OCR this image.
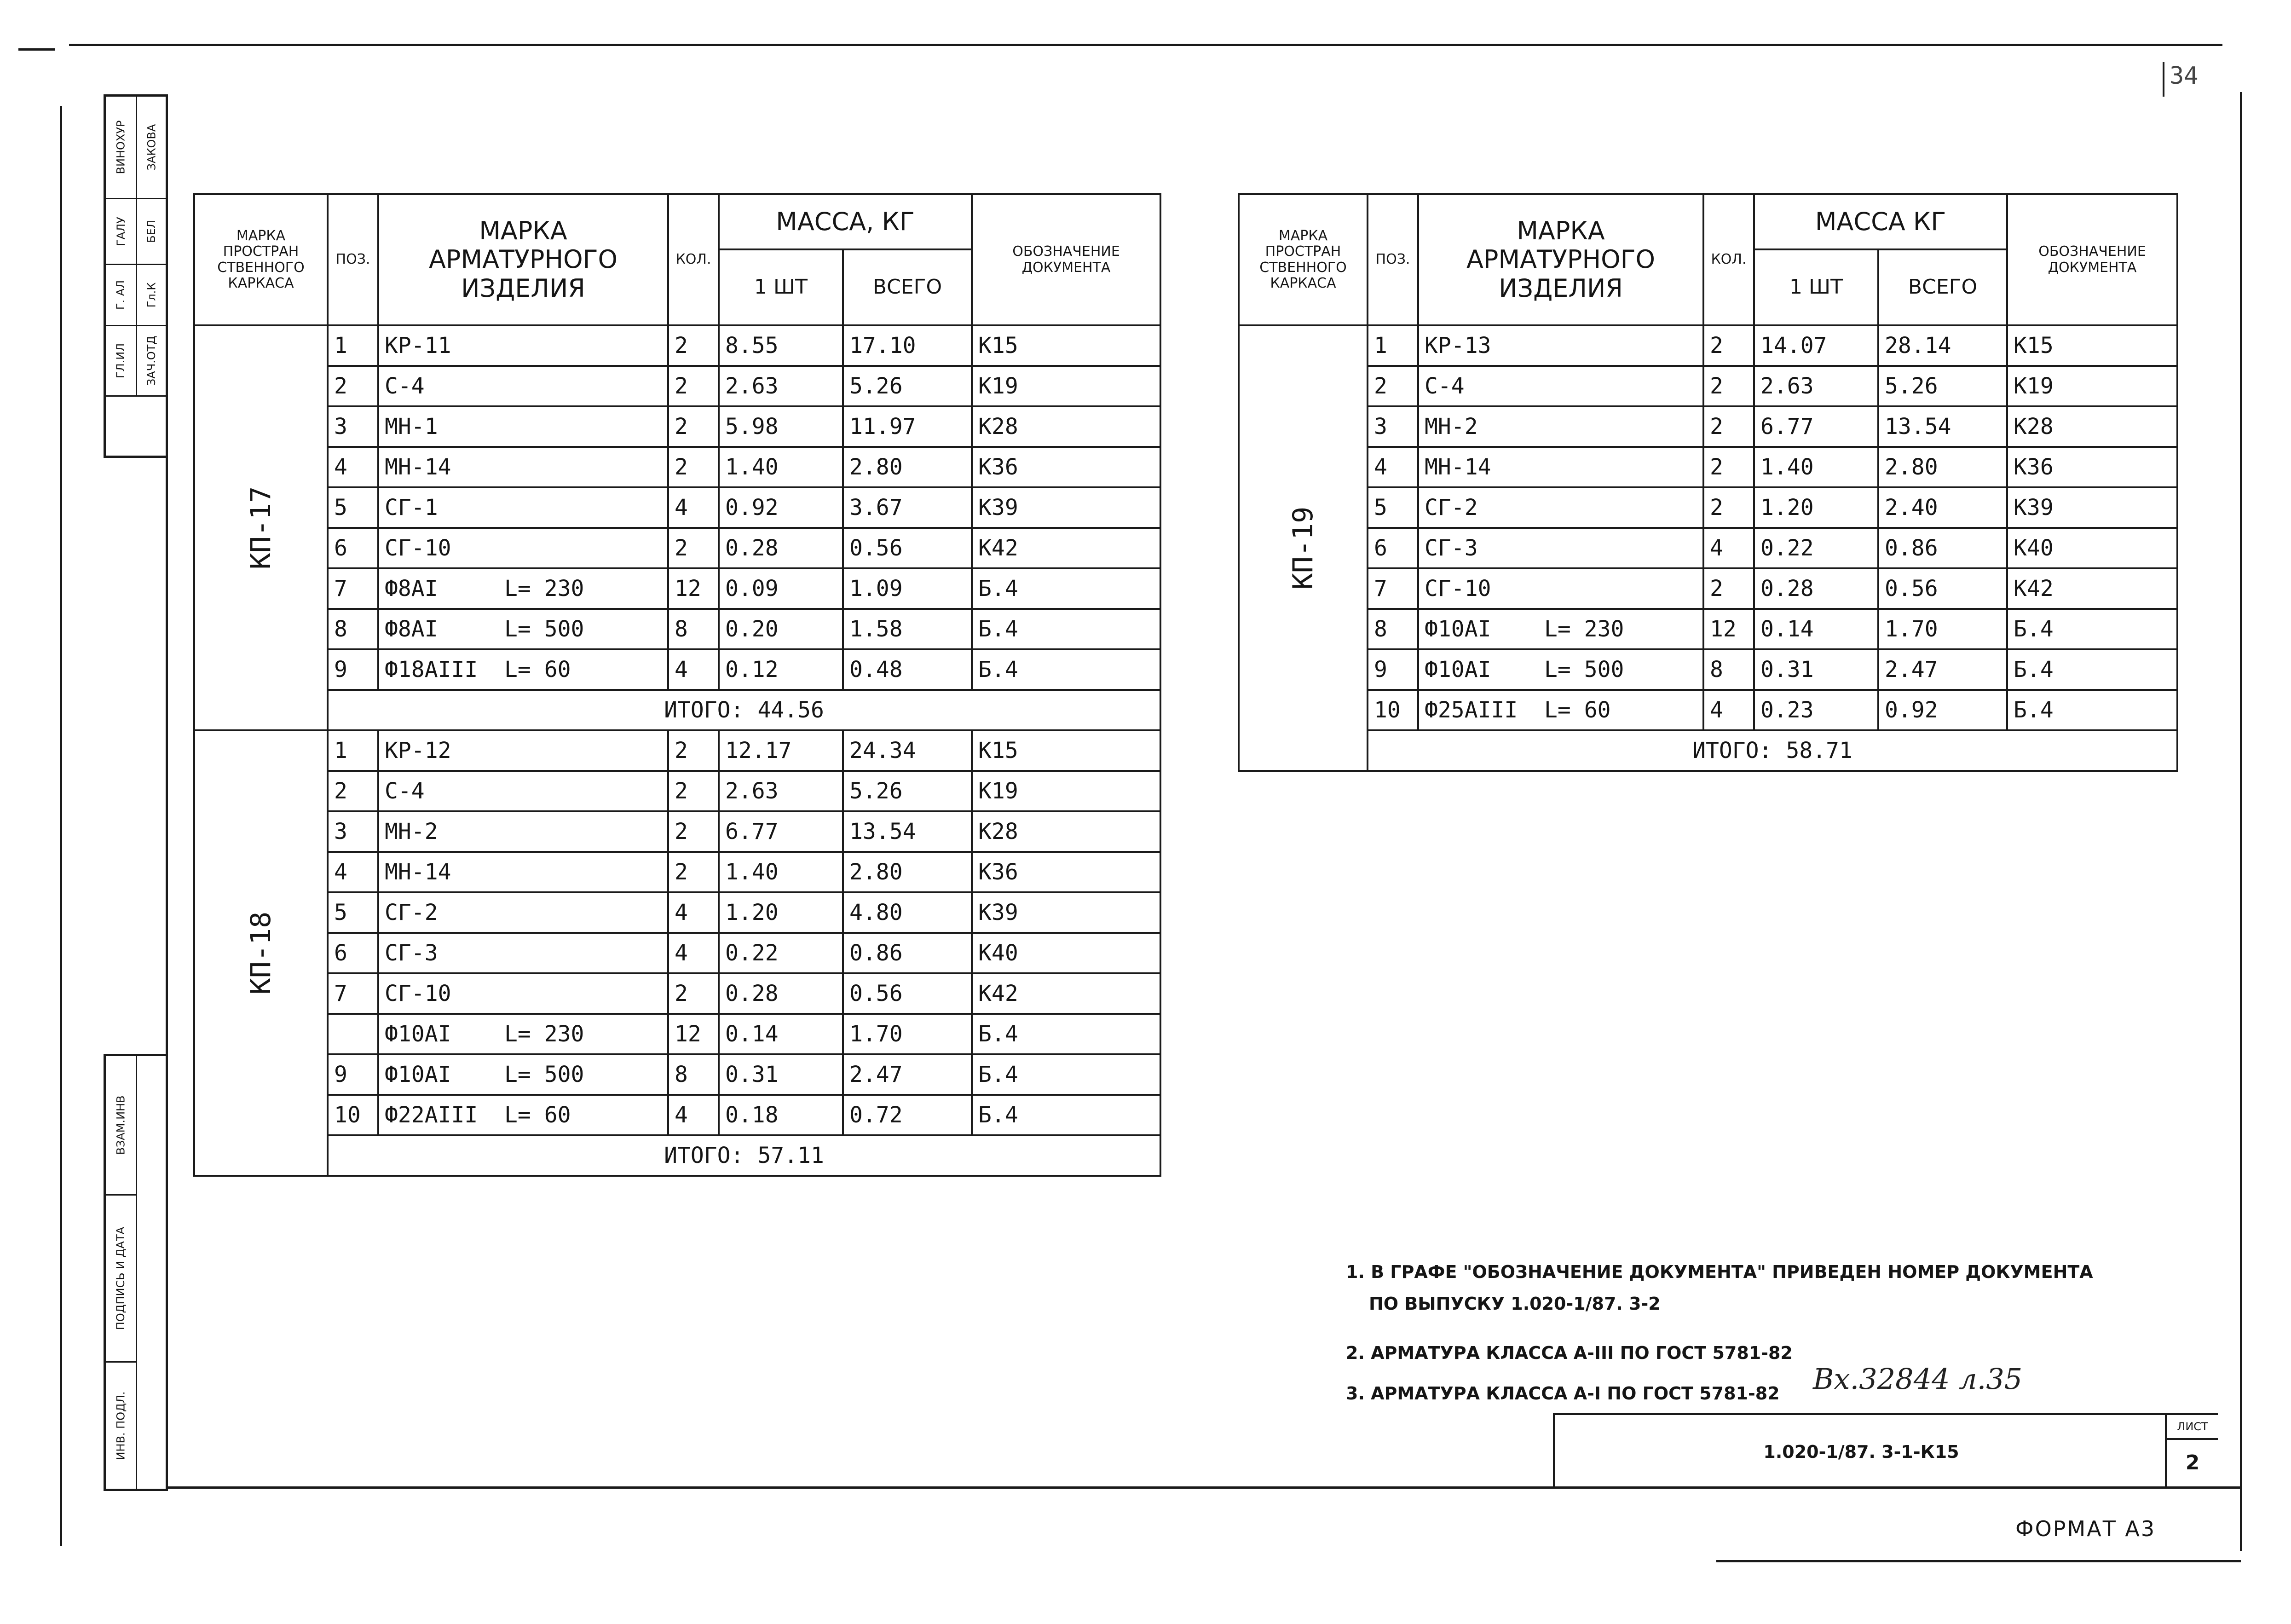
34
ВИНОХУР ЗАКОВА
ГАЛУ БЕЛ
Г. АЛ Гл.К
ГЛ.ИЛ ЗАЧ.ОТД
ВЗАМ.ИНВ
ПОДПИСЬ И ДАТА
ИНВ. ПОДЛ.
МАРКА ПРОСТРАН СТВЕННОГО КАРКАСА	ПОЗ.	МАРКА АРМАТУРНОГО ИЗДЕЛИЯ	КОЛ.	МАССА, КГ		ОБОЗНАЧЕНИЕ ДОКУМЕНТА
				1 ШТ	ВСЕГО	

КП-17	1	КР-11	2	8.55	17.10	К15
	2	С-4	2	2.63	5.26	К19
	3	МН-1	2	5.98	11.97	К28
	4	МН-14	2	1.40	2.80	К36
	5	СГ-1	4	0.92	3.67	К39
	6	СГ-10	2	0.28	0.56	К42
	7	Ф8АI L= 230	12	0.09	1.09	Б.4
	8	Ф8АI L= 500	8	0.20	1.58	Б.4
	9	Ф18АIII L= 60	4	0.12	0.48	Б.4
	ИТОГО: 44.56					

КП-18	1	КР-12	2	12.17	24.34	К15
	2	С-4	2	2.63	5.26	К19
	3	МН-2	2	6.77	13.54	К28
	4	МН-14	2	1.40	2.80	К36
	5	СГ-2	4	1.20	4.80	К39
	6	СГ-3	4	0.22	0.86	К40
	7	СГ-10	2	0.28	0.56	К42
		Ф10АI L= 230	12	0.14	1.70	Б.4
	9	Ф10АI L= 500	8	0.31	2.47	Б.4
	10	Ф22АIII L= 60	4	0.18	0.72	Б.4
	ИТОГО: 57.11					
МАРКА ПРОСТРАН СТВЕННОГО КАРКАСА	ПОЗ.	МАРКА АРМАТУРНОГО ИЗДЕЛИЯ	КОЛ.	МАССА КГ		ОБОЗНАЧЕНИЕ ДОКУМЕНТА
				1 ШТ	ВСЕГО	

КП-19	1	КР-13	2	14.07	28.14	К15
	2	С-4	2	2.63	5.26	К19
	3	МН-2	2	6.77	13.54	К28
	4	МН-14	2	1.40	2.80	К36
	5	СГ-2	2	1.20	2.40	К39
	6	СГ-3	4	0.22	0.86	К40
	7	СГ-10	2	0.28	0.56	К42
	8	Ф10АI L= 230	12	0.14	1.70	Б.4
	9	Ф10АI L= 500	8	0.31	2.47	Б.4
	10	Ф25АIII L= 60	4	0.23	0.92	Б.4
	ИТОГО: 58.71					
1. В ГРАФЕ "ОБОЗНАЧЕНИЕ ДОКУМЕНТА" ПРИВЕДЕН НОМЕР ДОКУМЕНТА
ПО ВЫПУСКУ 1.020-1/87. 3-2
2. АРМАТУРА КЛАССА А-III ПО ГОСТ 5781-82
3. АРМАТУРА КЛАССА А-I ПО ГОСТ 5781-82	Вх.32844 л.35
1.020-1/87. 3-1-К15
ЛИСТ
2
ФОРМАТ А3
